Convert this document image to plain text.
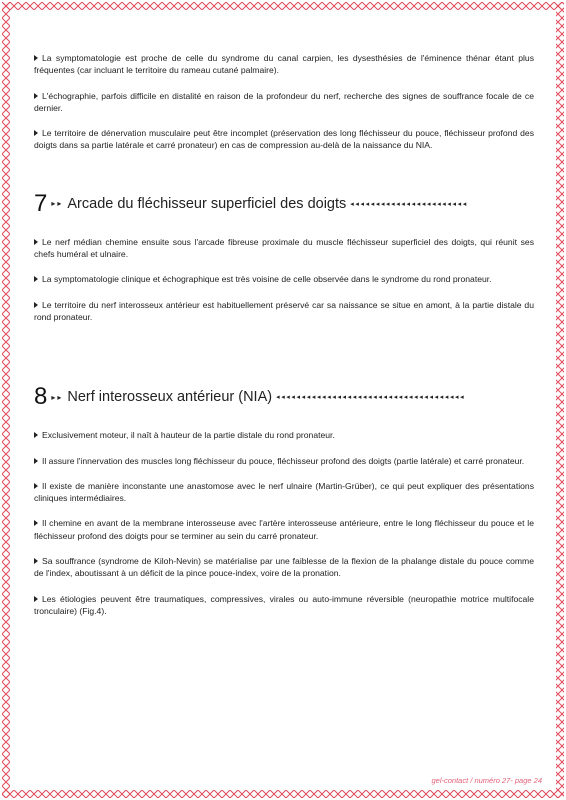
La symptomatologie est proche de celle du syndrome du canal carpien, les dysesthésies de l'éminence thénar étant plus fréquentes (car incluant le territoire du rameau cutané palmaire).

L'échographie, parfois difficile en distalité en raison de la profondeur du nerf, recherche des signes de souffrance focale de ce dernier.

Le territoire de dénervation musculaire peut être incomplet (préservation des long fléchisseur du pouce, fléchisseur profond des doigts dans sa partie latérale et carré pronateur) en cas de compression au-delà de la naissance du NIA.

7 ▸▸ Arcade du fléchisseur superficiel des doigts ◂◂◂◂◂◂◂◂◂◂◂◂◂◂◂◂◂◂◂◂◂◂◂

Le nerf médian chemine ensuite sous l'arcade fibreuse proximale du muscle fléchisseur superficiel des doigts, qui réunit ses chefs huméral et ulnaire.

La symptomatologie clinique et échographique est très voisine de celle observée dans le syndrome du rond pronateur.

Le territoire du nerf interosseux antérieur est habituellement préservé car sa naissance se situe en amont, à la partie distale du rond pronateur.

8 ▸▸ Nerf interosseux antérieur (NIA) ◂◂◂◂◂◂◂◂◂◂◂◂◂◂◂◂◂◂◂◂◂◂◂◂◂◂◂◂◂◂◂◂◂◂◂◂◂

Exclusivement moteur, il naît à hauteur de la partie distale du rond pronateur.

Il assure l'innervation des muscles long fléchisseur du pouce, fléchisseur profond des doigts (partie latérale) et carré pronateur.

Il existe de manière inconstante une anastomose avec le nerf ulnaire (Martin-Grüber), ce qui peut expliquer des présentations cliniques intermédiaires.

Il chemine en avant de la membrane interosseuse avec l'artère interosseuse antérieure, entre le long fléchisseur du pouce et le fléchisseur profond des doigts pour se terminer au sein du carré pronateur.

Sa souffrance (syndrome de Kiloh-Nevin) se matérialise par une faiblesse de la flexion de la phalange distale du pouce comme de l'index, aboutissant à un déficit de la pince pouce-index, voire de la pronation.

Les étiologies peuvent être traumatiques, compressives, virales ou auto-immune réversible (neuropathie motrice multifocale tronculaire) (Fig.4).

gel-contact / numéro 27- page 24
